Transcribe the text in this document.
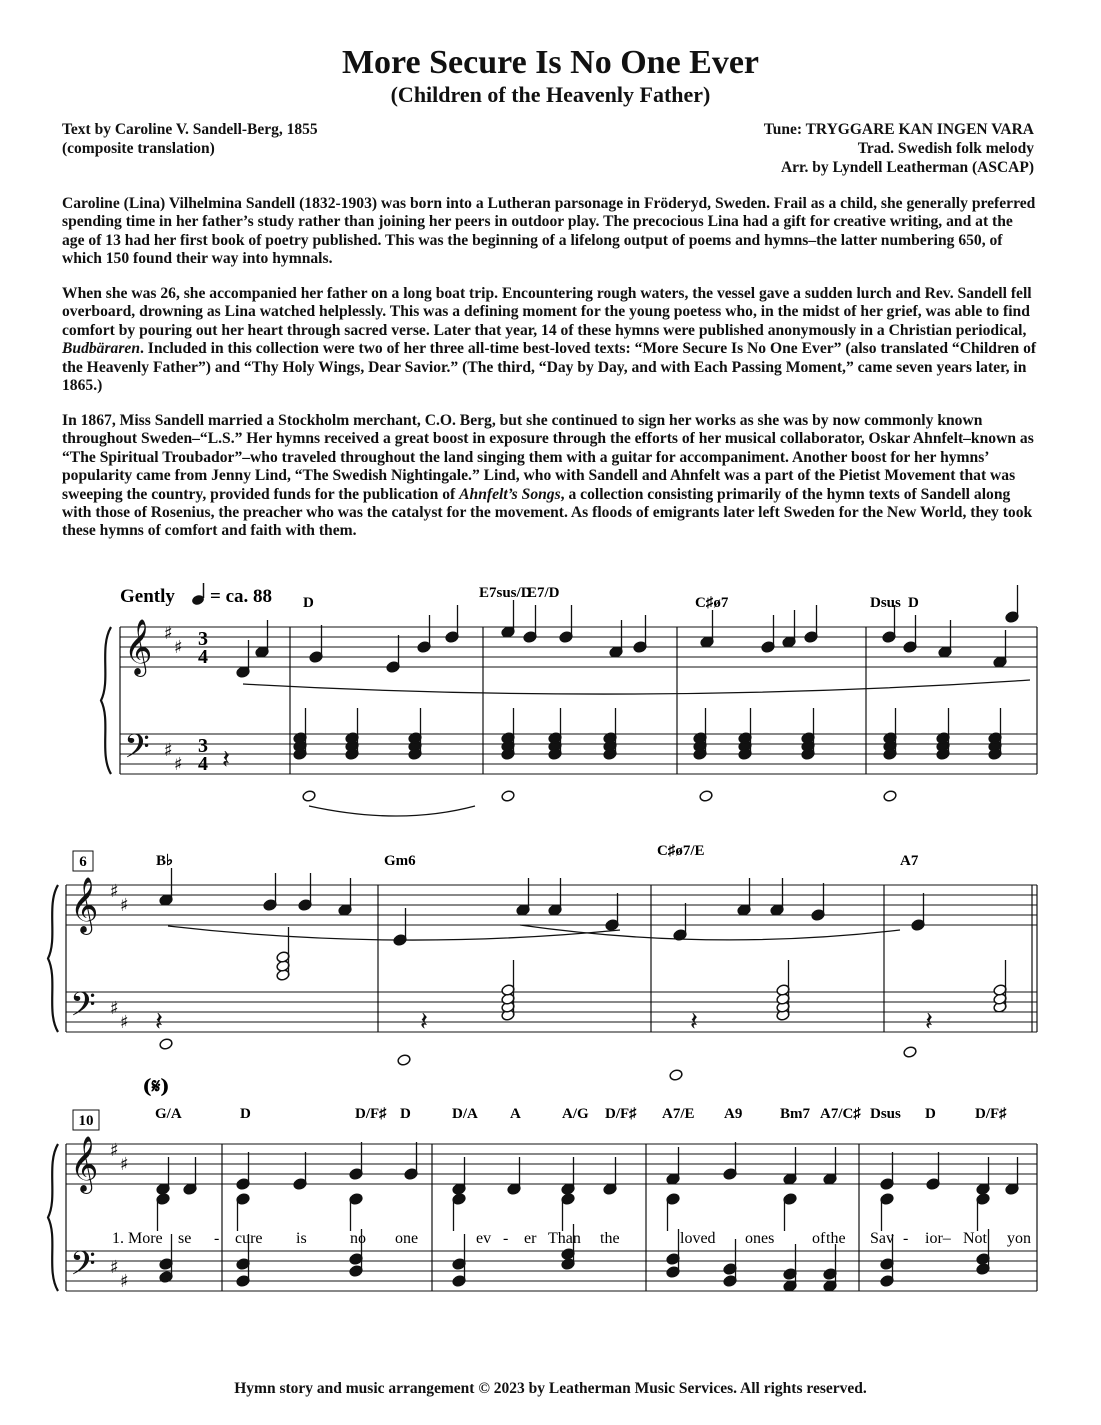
More Secure Is No One Ever
(Children of the Heavenly Father)
Text by Caroline V. Sandell-Berg, 1855
(composite translation)
Tune: TRYGGARE KAN INGEN VARA
Trad. Swedish folk melody
Arr. by Lyndell Leatherman (ASCAP)

Caroline (Lina) Vilhelmina Sandell (1832-1903) was born into a Lutheran parsonage in Fröderyd, Sweden. Frail as a child, she generally preferred spending time in her father’s study rather than joining her peers in outdoor play. The precocious Lina had a gift for creative writing, and at the age of 13 had her first book of poetry published. This was the beginning of a lifelong output of poems and hymns–the latter numbering 650, of which 150 found their way into hymnals.

When she was 26, she accompanied her father on a long boat trip. Encountering rough waters, the vessel gave a sudden lurch and Rev. Sandell fell overboard, drowning as Lina watched helplessly. This was a defining moment for the young poetess who, in the midst of her grief, was able to find comfort by pouring out her heart through sacred verse. Later that year, 14 of these hymns were published anonymously in a Christian periodical, Budbäraren. Included in this collection were two of her three all-time best-loved texts: “More Secure Is No One Ever” (also translated “Children of the Heavenly Father”) and “Thy Holy Wings, Dear Savior.” (The third, “Day by Day, and with Each Passing Moment,” came seven years later, in 1865.)

In 1867, Miss Sandell married a Stockholm merchant, C.O. Berg, but she continued to sign her works as she was by now commonly known throughout Sweden–“L.S.” Her hymns received a great boost in exposure through the efforts of her musical collaborator, Oskar Ahnfelt–known as “The Spiritual Troubador”–who traveled throughout the land singing them with a guitar for accompaniment. Another boost for her hymns’ popularity came from Jenny Lind, “The Swedish Nightingale.” Lind, who with Sandell and Ahnfelt was a part of the Pietist Movement that was sweeping the country, provided funds for the publication of Ahnfelt’s Songs, a collection consisting primarily of the hymn texts of Sandell along with those of Rosenius, the preacher who was the catalyst for the movement. As floods of emigrants later left Sweden for the New World, they took these hymns of comfort and faith with them.

𝄞
𝄢
♯
♯
♯
♯
𝄞
𝄢
♯
♯
♯
♯
𝄞
𝄢
♯
♯
♯
♯
𝄽
𝄽	𝄽	𝄽	𝄽
Gently = ca. 88
6
10
(𝄋)
3
4
3
4
D
E7sus/D
E7/D
C♯ø7	Dsus D
B♭	Gm6
C♯ø7/E
A7
G/A	D	D/F♯ D	D/A A	A/G D/F♯ A7/E A9	Bm7 A7/C♯ Dsus D	D/F♯
1. More se - cure is	no one	ev - er Than the	loved ones of the Sav - ior– Not yon
Hymn story and music arrangement © 2023 by Leatherman Music Services. All rights reserved.
